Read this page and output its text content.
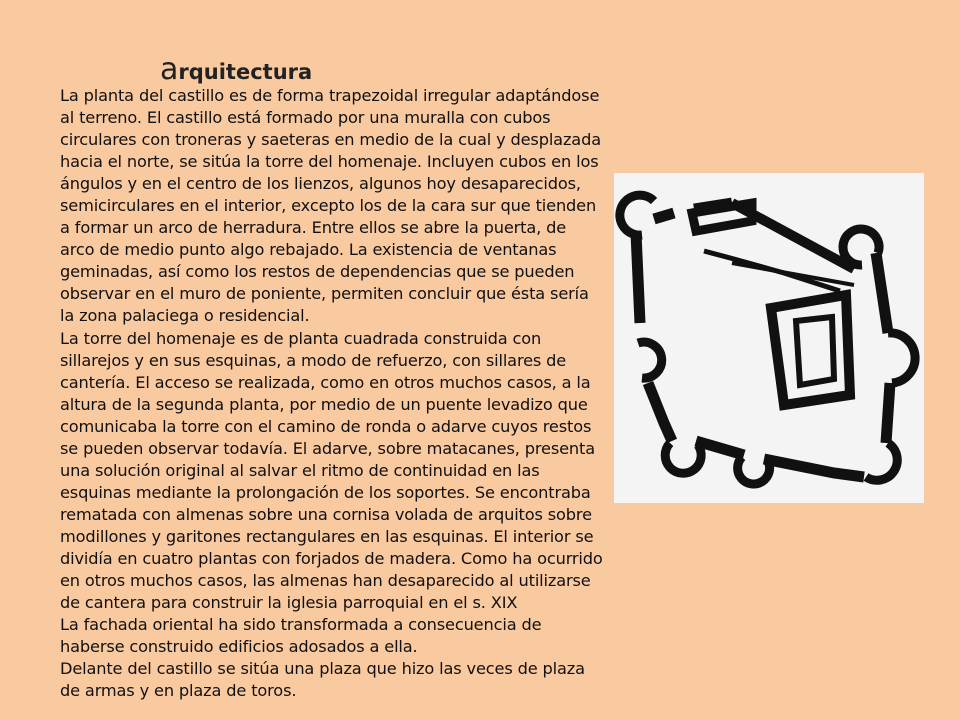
arquitectura

La planta del castillo es de forma trapezoidal irregular adaptándose al terreno. El castillo está formado por una muralla con cubos circulares con troneras y saeteras en medio de la cual y desplazada hacia el norte, se sitúa la torre del homenaje. Incluyen cubos en los ángulos y en el centro de los lienzos, algunos hoy desaparecidos, semicirculares en el interior, excepto los de la cara sur que tienden a formar un arco de herradura. Entre ellos se abre la puerta, de arco de medio punto algo rebajado. La existencia de ventanas geminadas, así como los restos de dependencias que se pueden observar en el muro de poniente, permiten concluir que ésta sería la zona palaciega o residencial.

La torre del homenaje es de planta cuadrada construida con sillarejos y en sus esquinas, a modo de refuerzo, con sillares de cantería. El acceso se realizada, como en otros muchos casos, a la altura de la segunda planta, por medio de un puente levadizo que comunicaba la torre con el camino de ronda o adarve cuyos restos se pueden observar todavía. El adarve, sobre matacanes, presenta una solución original al salvar el ritmo de continuidad en las esquinas mediante la prolongación de los soportes. Se encontraba rematada con almenas sobre una cornisa volada de arquitos sobre modillones y garitones rectangulares en las esquinas. El interior se dividía en cuatro plantas con forjados de madera. Como ha ocurrido en otros muchos casos, las almenas han desaparecido al utilizarse de cantera para construir la iglesia parroquial en el s. XIX

La fachada oriental ha sido transformada a consecuencia de haberse construido edificios adosados a ella.

Delante del castillo se sitúa una plaza que hizo las veces de plaza de armas y en plaza de toros.
